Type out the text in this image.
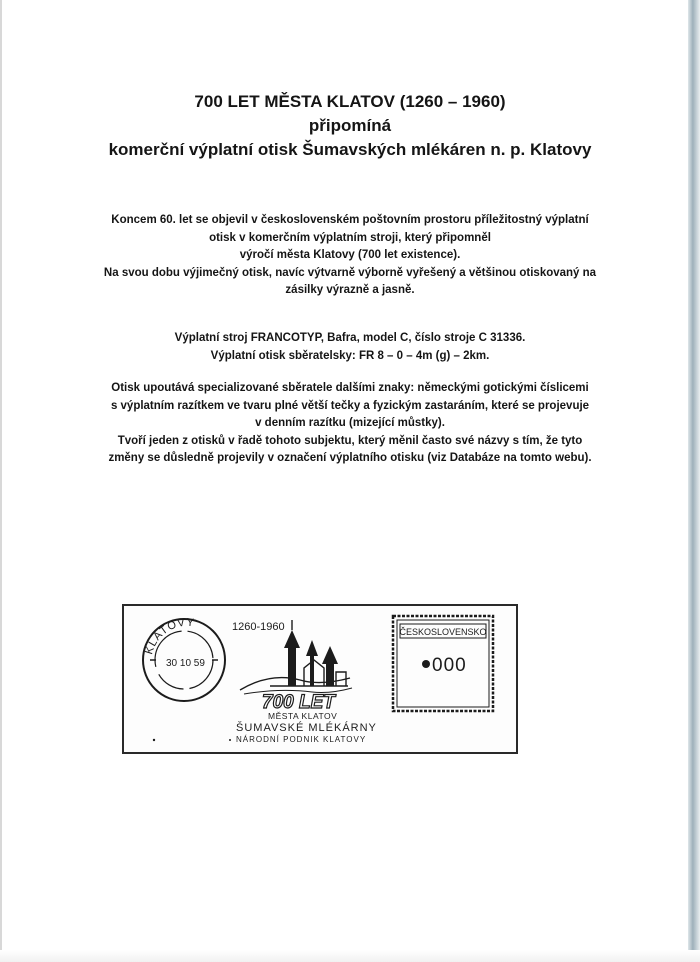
700 LET MĚSTA KLATOV (1260 – 1960)
připomíná
komerční výplatní otisk Šumavských mlékáren n. p. Klatovy
Koncem 60. let se objevil v československém poštovním prostoru příležitostný výplatní
otisk v komerčním výplatním stroji, který připomněl
výročí města Klatovy (700 let existence).
Na svou dobu výjimečný otisk, navíc výtvarně výborně vyřešený a většinou otiskovaný na
zásilky výrazně a jasně.
Výplatní stroj FRANCOTYP, Bafra, model C, číslo stroje C 31336.
Výplatní otisk sběratelsky: FR 8 – 0 – 4m (g) – 2km.
Otisk upoutává specializované sběratele dalšími znaky: německými gotickými číslicemi
s výplatním razítkem ve tvaru plné větší tečky a fyzickým zastaráním, které se projevuje
v denním razítku (mizející můstky).
Tvoří jeden z otisků v řadě tohoto subjektu, který měnil často své názvy s tím, že tyto
změny se důsledně projevily v označení výplatního otisku (viz Databáze na tomto webu).
KLATOVY
30 10 59
1260-1960
700 LET
MĚSTA KLATOV
ŠUMAVSKÉ MLÉKÁRNY
NÁRODNÍ PODNIK KLATOVY
ČESKOSLOVENSKO
000
